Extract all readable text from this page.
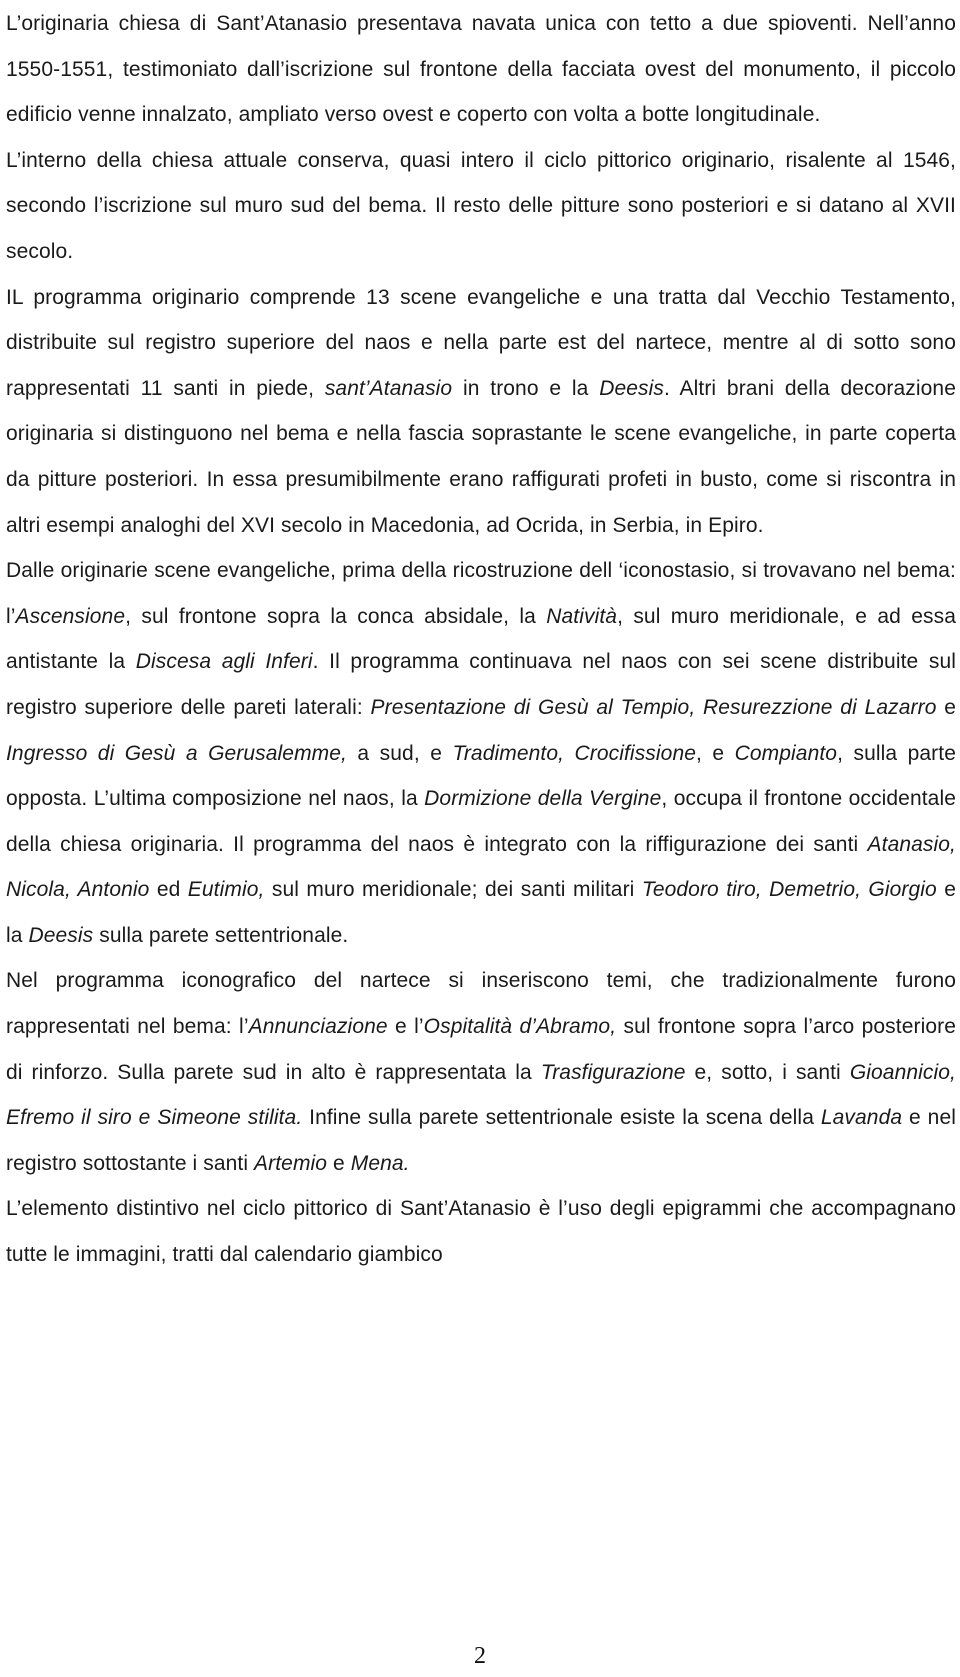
L’originaria chiesa di Sant’Atanasio presentava navata unica con tetto a due spioventi. Nell’anno 1550-1551, testimoniato dall’iscrizione sul frontone della facciata ovest del monumento, il piccolo edificio venne innalzato, ampliato verso ovest e coperto con volta a botte longitudinale.

L’interno della chiesa attuale conserva, quasi intero il ciclo pittorico originario, risalente al 1546, secondo l’iscrizione sul muro sud del bema. Il resto delle pitture sono posteriori e si datano al XVII secolo.

IL programma originario comprende 13 scene evangeliche e una tratta dal Vecchio Testamento, distribuite sul registro superiore del naos e nella parte est del nartece, mentre al di sotto sono rappresentati 11 santi in piede, sant’Atanasio in trono e la Deesis. Altri brani della decorazione originaria si distinguono nel bema e nella fascia soprastante le scene evangeliche, in parte coperta da pitture posteriori. In essa presumibilmente erano raffigurati profeti in busto, come si riscontra in altri esempi analoghi del XVI secolo in Macedonia, ad Ocrida, in Serbia, in Epiro.

Dalle originarie scene evangeliche, prima della ricostruzione dell ‘iconostasio, si trovavano nel bema: l’Ascensione, sul frontone sopra la conca absidale, la Natività, sul muro meridionale, e ad essa antistante la Discesa agli Inferi. Il programma continuava nel naos con sei scene distribuite sul registro superiore delle pareti laterali: Presentazione di Gesù al Tempio, Resurezzione di Lazarro e Ingresso di Gesù a Gerusalemme, a sud, e Tradimento, Crocifissione, e Compianto, sulla parte opposta. L’ultima composizione nel naos, la Dormizione della Vergine, occupa il frontone occidentale della chiesa originaria. Il programma del naos è integrato con la riffigurazione dei santi Atanasio, Nicola, Antonio ed Eutimio, sul muro meridionale; dei santi militari Teodoro tiro, Demetrio, Giorgio e la Deesis sulla parete settentrionale.

Nel programma iconografico del nartece si inseriscono temi, che tradizionalmente furono rappresentati nel bema: l’Annunciazione e l’Ospitalità d’Abramo, sul frontone sopra l’arco posteriore di rinforzo. Sulla parete sud in alto è rappresentata la Trasfigurazione e, sotto, i santi Gioannicio, Efremo il siro e Simeone stilita. Infine sulla parete settentrionale esiste la scena della Lavanda e nel registro sottostante i santi Artemio e Mena.

L’elemento distintivo nel ciclo pittorico di Sant’Atanasio è l’uso degli epigrammi che accompagnano tutte le immagini, tratti dal calendario giambico

2
